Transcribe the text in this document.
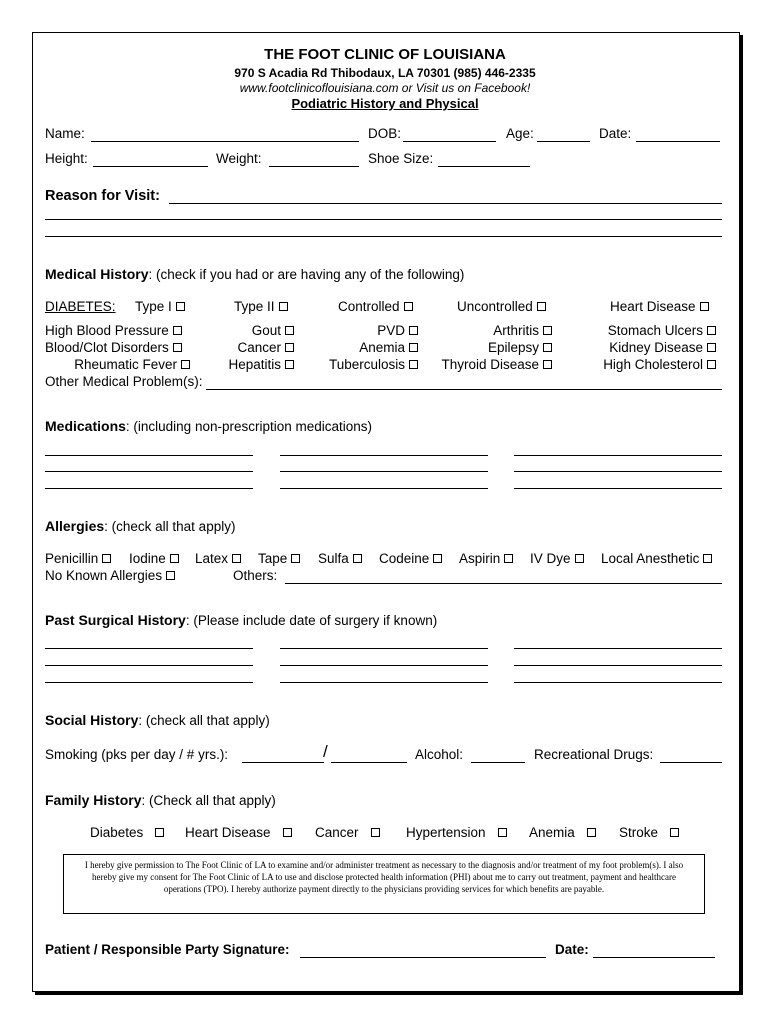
THE FOOT CLINIC OF LOUISIANA
970 S Acadia Rd Thibodaux, LA 70301 (985) 446-2335
www.footclinicoflouisiana.com or Visit us on Facebook!
Podiatric History and Physical
Name:	DOB:	Age:	Date:
Height:	Weight:	Shoe Size:
Reason for Visit:
Medical History: (check if you had or are having any of the following)
DIABETES: Type I	Type II	Controlled	Uncontrolled	Heart Disease
High Blood Pressure	Gout	PVD	Arthritis	Stomach Ulcers
Blood/Clot Disorders	Cancer	Anemia	Epilepsy	Kidney Disease
Rheumatic Fever	Hepatitis	Tuberculosis	Thyroid Disease	High Cholesterol
Other Medical Problem(s):
Medications: (including non-prescription medications)
Allergies: (check all that apply)
Penicillin	Iodine	Latex	Tape	Sulfa	Codeine	Aspirin	IV Dye	Local Anesthetic
No Known Allergies	Others:
Past Surgical History: (Please include date of surgery if known)
Social History: (check all that apply)
Smoking (pks per day / # yrs.):	/	Alcohol:	Recreational Drugs:
Family History: (Check all that apply)
Diabetes	Heart Disease	Cancer	Hypertension	Anemia	Stroke
I hereby give permission to The Foot Clinic of LA to examine and/or administer treatment as necessary to the diagnosis and/or treatment of my foot problem(s). I also hereby give my consent for The Foot Clinic of LA to use and disclose protected health information (PHI) about me to carry out treatment, payment and healthcare operations (TPO). I hereby authorize payment directly to the physicians providing services for which benefits are payable.
Patient / Responsible Party Signature:	Date:
